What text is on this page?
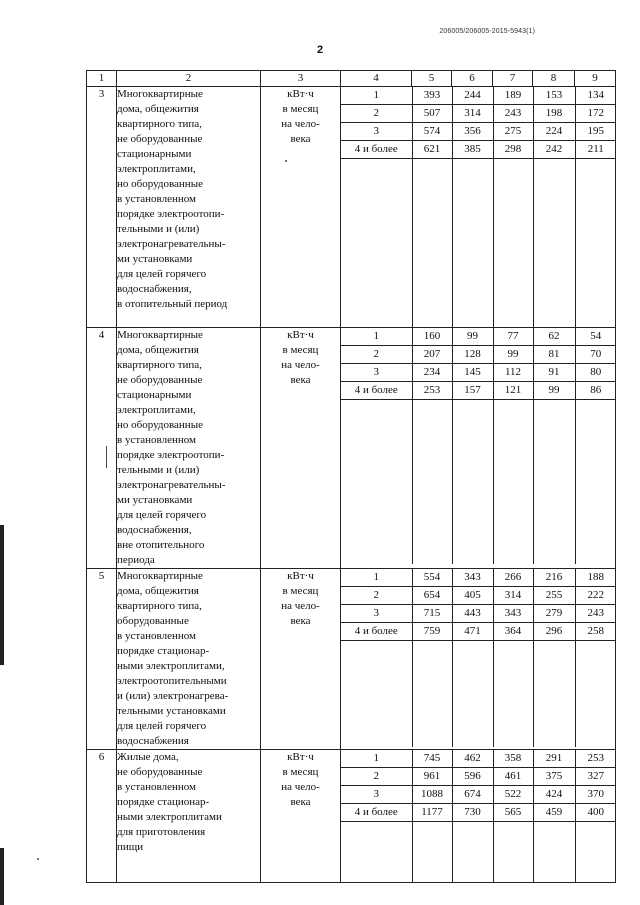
206005/206005-2015-5943(1)
2
1	2	3	4	5	6	7	8	9
3	Многоквартирные
дома, общежития
квартирного типа,
не оборудованные
стационарными
электроплитами,
но оборудованные
в установленном
порядке электроотопи-
тельными и (или)
электронагревательны-
ми установками
для целей горячего
водоснабжения,
в отопительный период

кВт·ч
в месяц
на чело-
века

1	393	244	189	153	134
2	507	314	243	198	172
3	574	356	275	224	195
4 и более	621	385	298	242	211

4	Многоквартирные
дома, общежития
квартирного типа,
не оборудованные
стационарными
электроплитами,
но оборудованные
в установленном
порядке электроотопи-
тельными и (или)
электронагревательны-
ми установками
для целей горячего
водоснабжения,
вне отопительного
периода

кВт·ч
в месяц
на чело-
века

1	160	99	77	62	54
2	207	128	99	81	70
3	234	145	112	91	80
4 и более	253	157	121	99	86

5	Многоквартирные
дома, общежития
квартирного типа,
оборудованные
в установленном
порядке стационар-
ными электроплитами,
электроотопительными
и (или) электронагрева-
тельными установками
для целей горячего
водоснабжения

кВт·ч
в месяц
на чело-
века

1	554	343	266	216	188
2	654	405	314	255	222
3	715	443	343	279	243
4 и более	759	471	364	296	258

6	Жилые дома,
не оборудованные
в установленном
порядке стационар-
ными электроплитами
для приготовления
пищи

кВт·ч
в месяц
на чело-
века

1	745	462	358	291	253
2	961	596	461	375	327
3	1088	674	522	424	370
4 и более	1177	730	565	459	400
